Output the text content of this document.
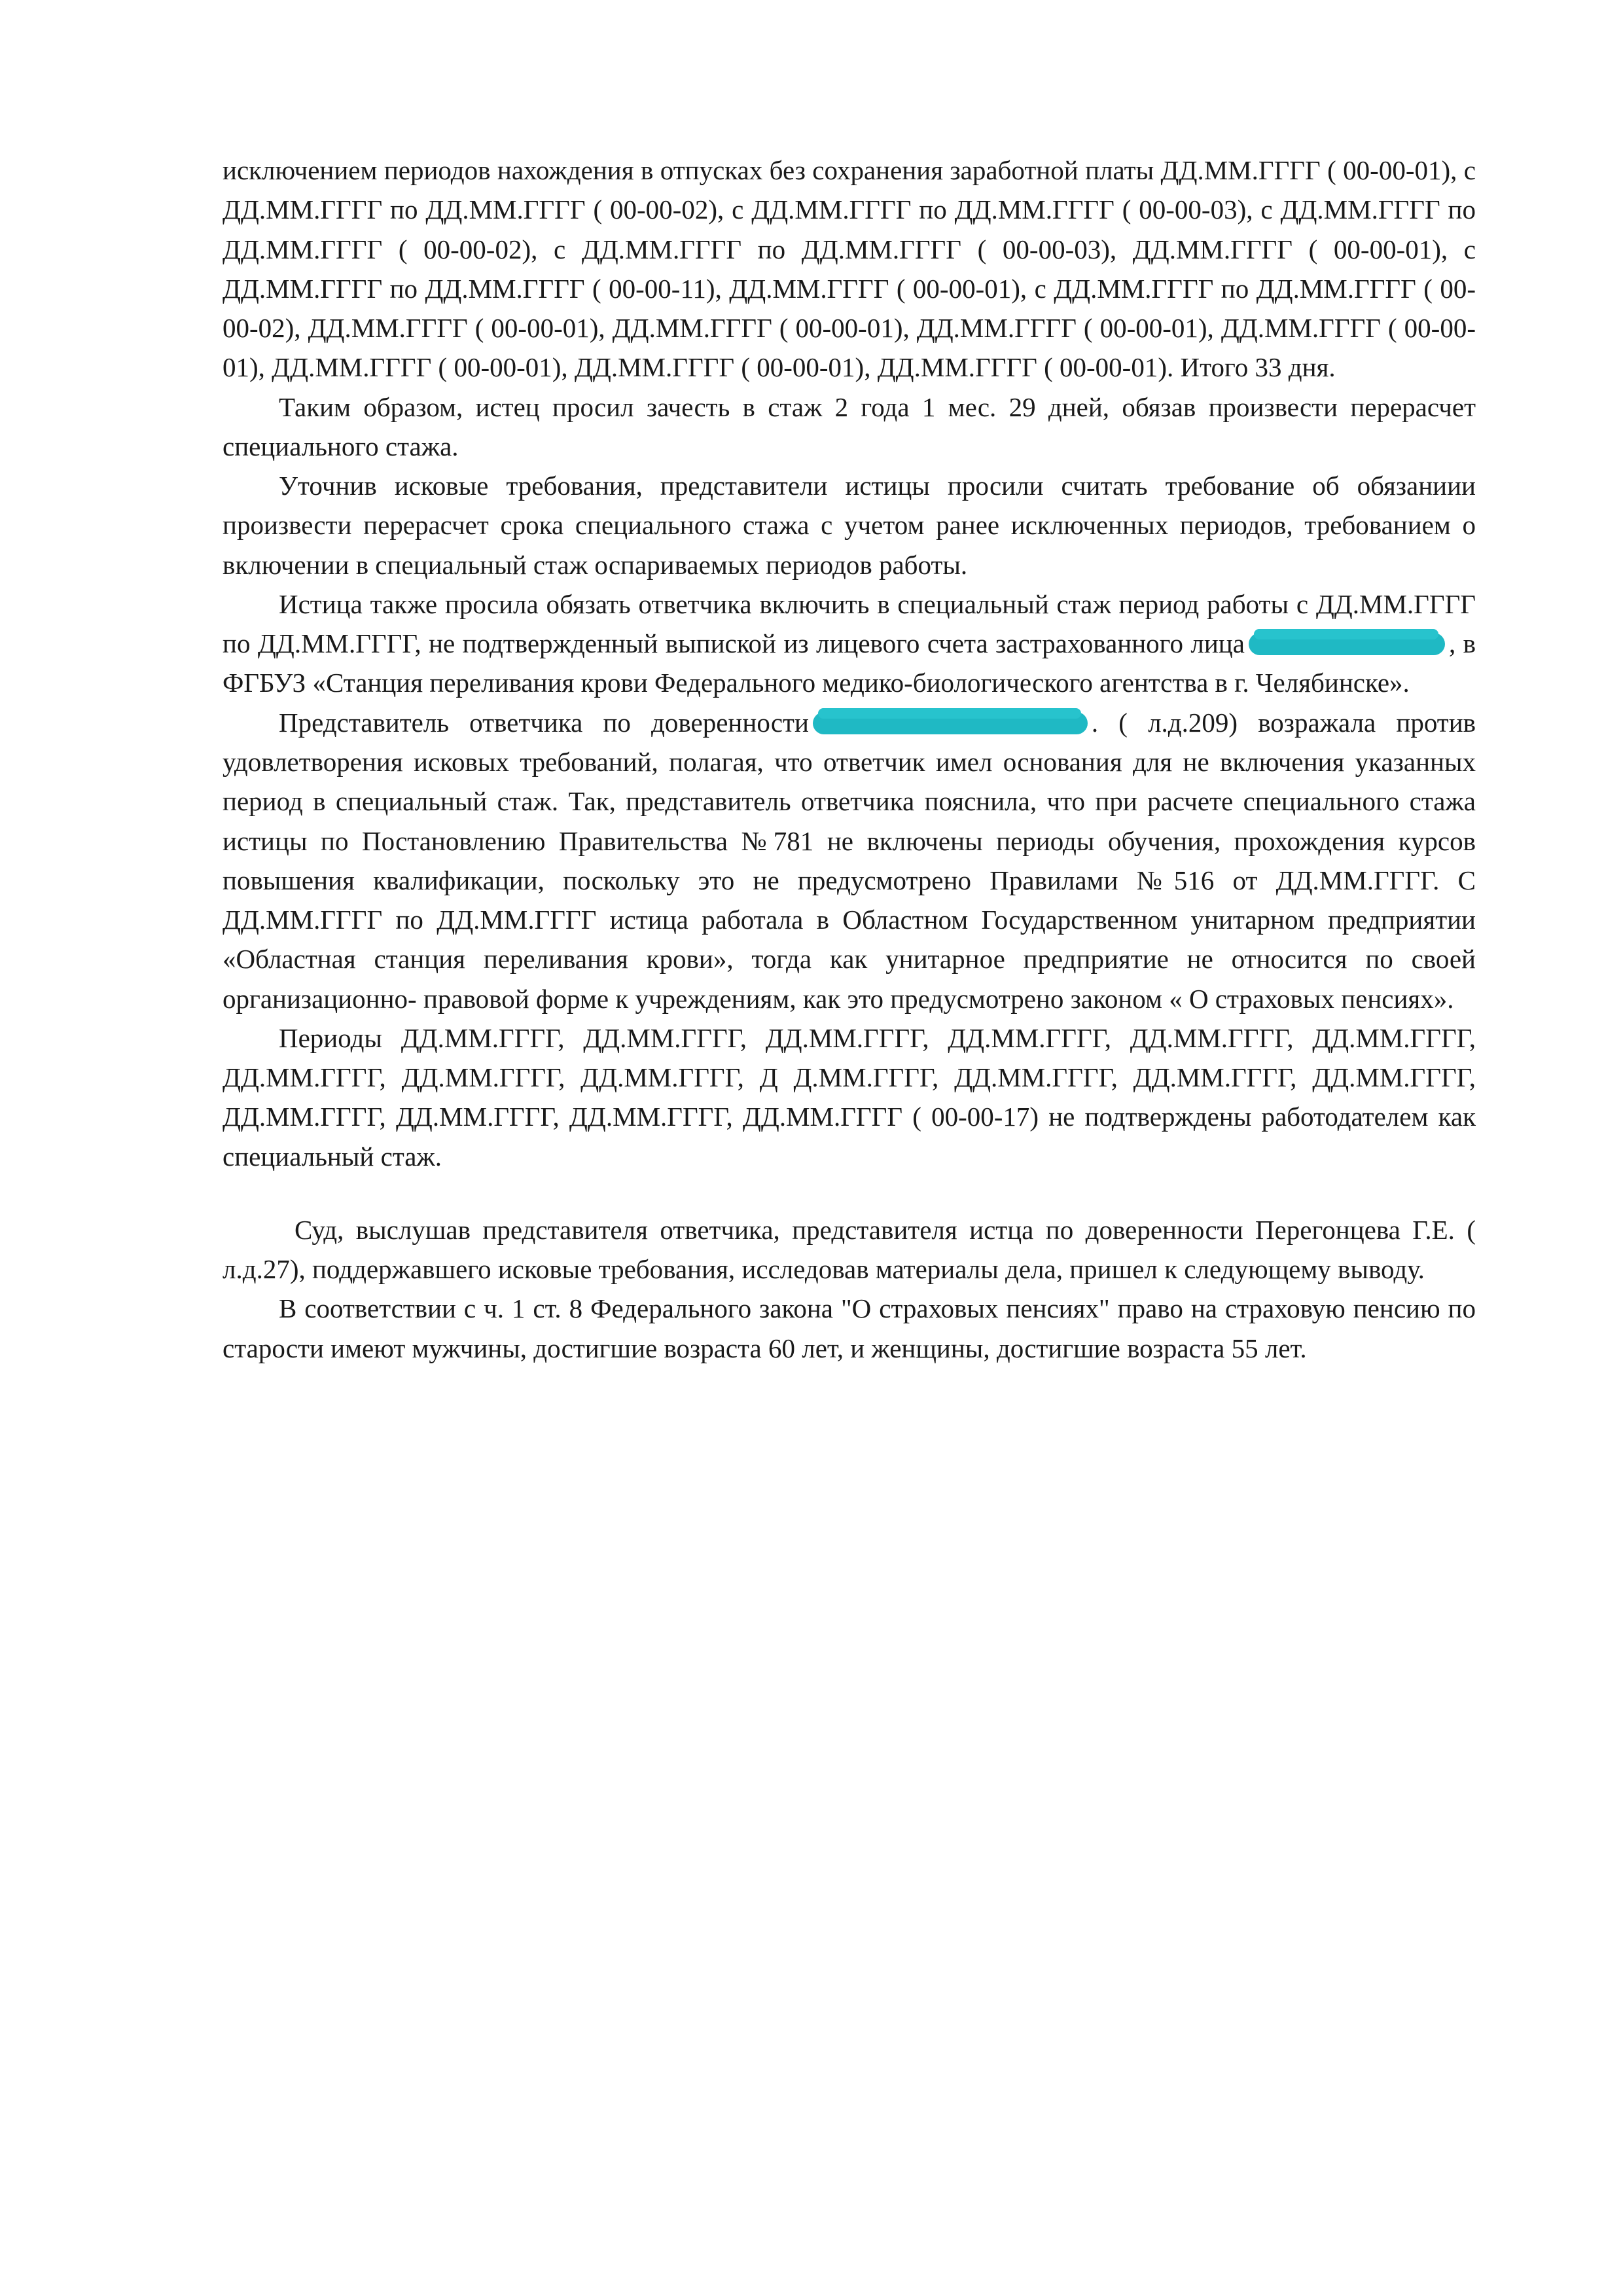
исключением периодов нахождения в отпусках без сохранения заработной платы ДД.ММ.ГГГГ ( 00-00-01), с ДД.ММ.ГГГГ по ДД.ММ.ГГГГ ( 00-00-02), с ДД.ММ.ГГГГ по ДД.ММ.ГГГГ ( 00-00-03), с ДД.ММ.ГГГГ по ДД.ММ.ГГГГ ( 00-00-02), с ДД.ММ.ГГГГ по ДД.ММ.ГГГГ ( 00-00-03), ДД.ММ.ГГГГ ( 00-00-01), с ДД.ММ.ГГГГ по ДД.ММ.ГГГГ ( 00-00-11), ДД.ММ.ГГГГ ( 00-00-01), с ДД.ММ.ГГГГ по ДД.ММ.ГГГГ ( 00-00-02), ДД.ММ.ГГГГ ( 00-00-01), ДД.ММ.ГГГГ ( 00-00-01), ДД.ММ.ГГГГ ( 00-00-01), ДД.ММ.ГГГГ ( 00-00-01), ДД.ММ.ГГГГ ( 00-00-01), ДД.ММ.ГГГГ ( 00-00-01), ДД.ММ.ГГГГ ( 00-00-01). Итого 33 дня.

Таким образом, истец просил зачесть в стаж 2 года 1 мес. 29 дней, обязав произвести перерасчет специального стажа.

Уточнив исковые требования, представители истицы просили считать требование об обязаниии произвести перерасчет срока специального стажа с учетом ранее исключенных периодов, требованием о включении в специальный стаж оспариваемых периодов работы.

Истица также просила обязать ответчика включить в специальный стаж период работы с ДД.ММ.ГГГГ по ДД.ММ.ГГГГ, не подтвержденный выпиской из лицевого счета застрахованного лица	, в ФГБУЗ «Станция переливания крови Федерального медико-биологического агентства в г. Челябинске».

Представитель ответчика по доверенности	. ( л.д.209) возражала против удовлетворения исковых требований, полагая, что ответчик имел основания для не включения указанных период в специальный стаж. Так, представитель ответчика пояснила, что при расчете специального стажа истицы по Постановлению Правительства №781 не включены периоды обучения, прохождения курсов повышения квалификации, поскольку это не предусмотрено Правилами №516 от ДД.ММ.ГГГГ. С ДД.ММ.ГГГГ по ДД.ММ.ГГГГ истица работала в Областном Государственном унитарном предприятии «Областная станция переливания крови», тогда как унитарное предприятие не относится по своей организационно- правовой форме к учреждениям, как это предусмотрено законом « О страховых пенсиях».

Периоды ДД.ММ.ГГГГ, ДД.ММ.ГГГГ, ДД.ММ.ГГГГ, ДД.ММ.ГГГГ, ДД.ММ.ГГГГ, ДД.ММ.ГГГГ, ДД.ММ.ГГГГ, ДД.ММ.ГГГГ, ДД.ММ.ГГГГ, Д Д.ММ.ГГГГ, ДД.ММ.ГГГГ, ДД.ММ.ГГГГ, ДД.ММ.ГГГГ, ДД.ММ.ГГГГ, ДД.ММ.ГГГГ, ДД.ММ.ГГГГ, ДД.ММ.ГГГГ ( 00-00-17) не подтверждены работодателем как специальный стаж.

Суд, выслушав представителя ответчика, представителя истца по доверенности Перегонцева Г.Е. ( л.д.27), поддержавшего исковые требования, исследовав материалы дела, пришел к следующему выводу.

В соответствии с ч. 1 ст. 8 Федерального закона "О страховых пенсиях" право на страховую пенсию по старости имеют мужчины, достигшие возраста 60 лет, и женщины, достигшие возраста 55 лет.
